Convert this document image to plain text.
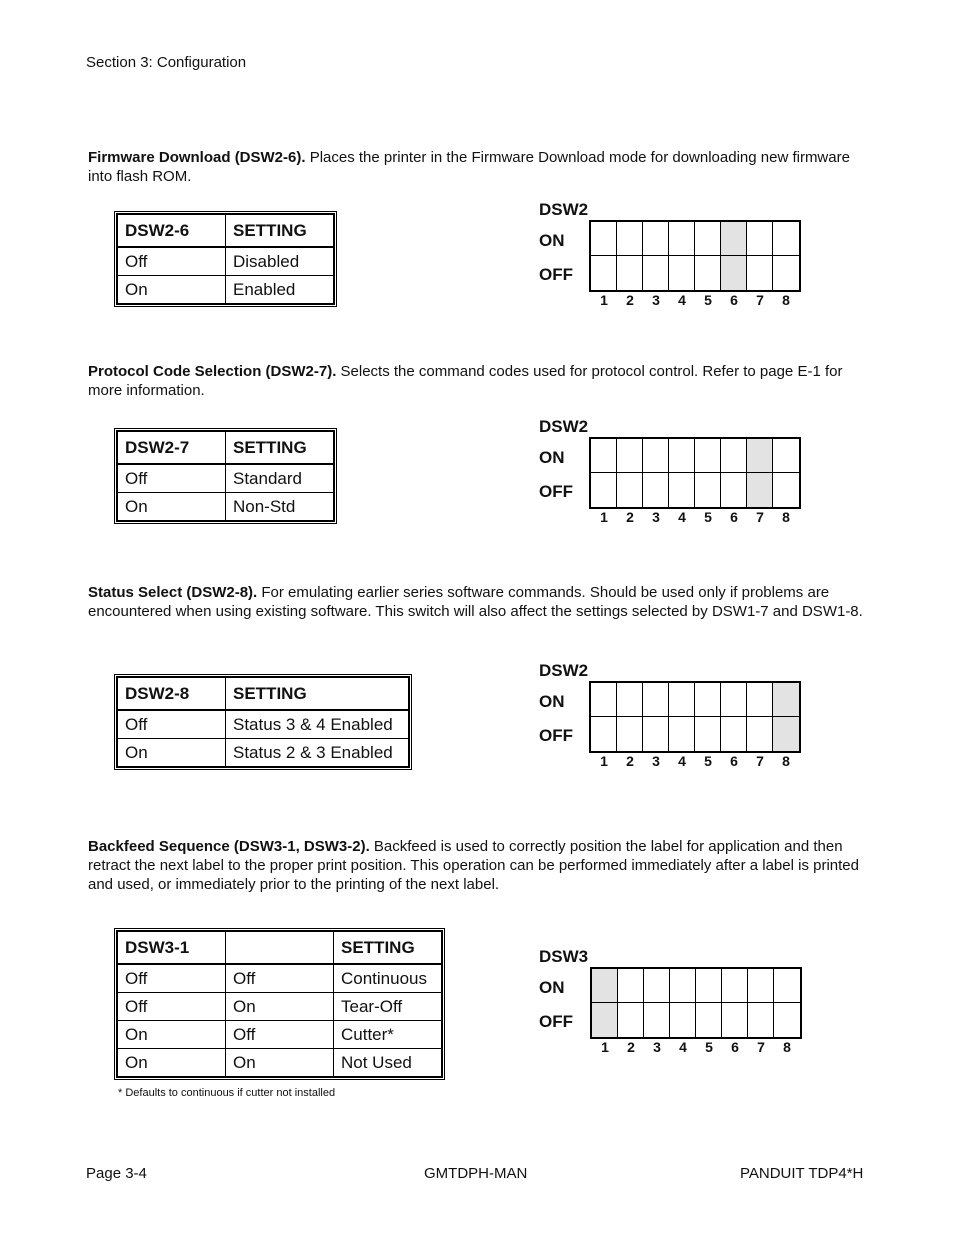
Section 3: Configuration
Firmware Download (DSW2-6). Places the printer in the Firmware Download mode for downloading new firmware into flash ROM.
DSW2-6	SETTING
Off	Disabled
On	Enabled
DSW2
ON
OFF
1	2	3	4	5	6	7	8
Protocol Code Selection (DSW2-7). Selects the command codes used for protocol control. Refer to page E-1 for more information.
DSW2-7	SETTING
Off	Standard
On	Non-Std
DSW2
ON
OFF
1	2	3	4	5	6	7	8
Status Select (DSW2-8). For emulating earlier series software commands. Should be used only if problems are encountered when using existing software. This switch will also affect the settings selected by DSW1-7 and DSW1-8.
DSW2-8	SETTING
Off	Status 3 & 4 Enabled
On	Status 2 & 3 Enabled
DSW2
ON
OFF
1	2	3	4	5	6	7	8
Backfeed Sequence (DSW3-1, DSW3-2). Backfeed is used to correctly position the label for application and then retract the next label to the proper print position. This operation can be performed immediately after a label is printed and used, or immediately prior to the printing of the next label.
DSW3-1		SETTING
Off	Off	Continuous
Off	On	Tear-Off
On	Off	Cutter*
On	On	Not Used
* Defaults to continuous if cutter not installed
DSW3
ON
OFF
1	2	3	4	5	6	7	8
Page 3-4	GMTDPH-MAN	PANDUIT TDP4*H
